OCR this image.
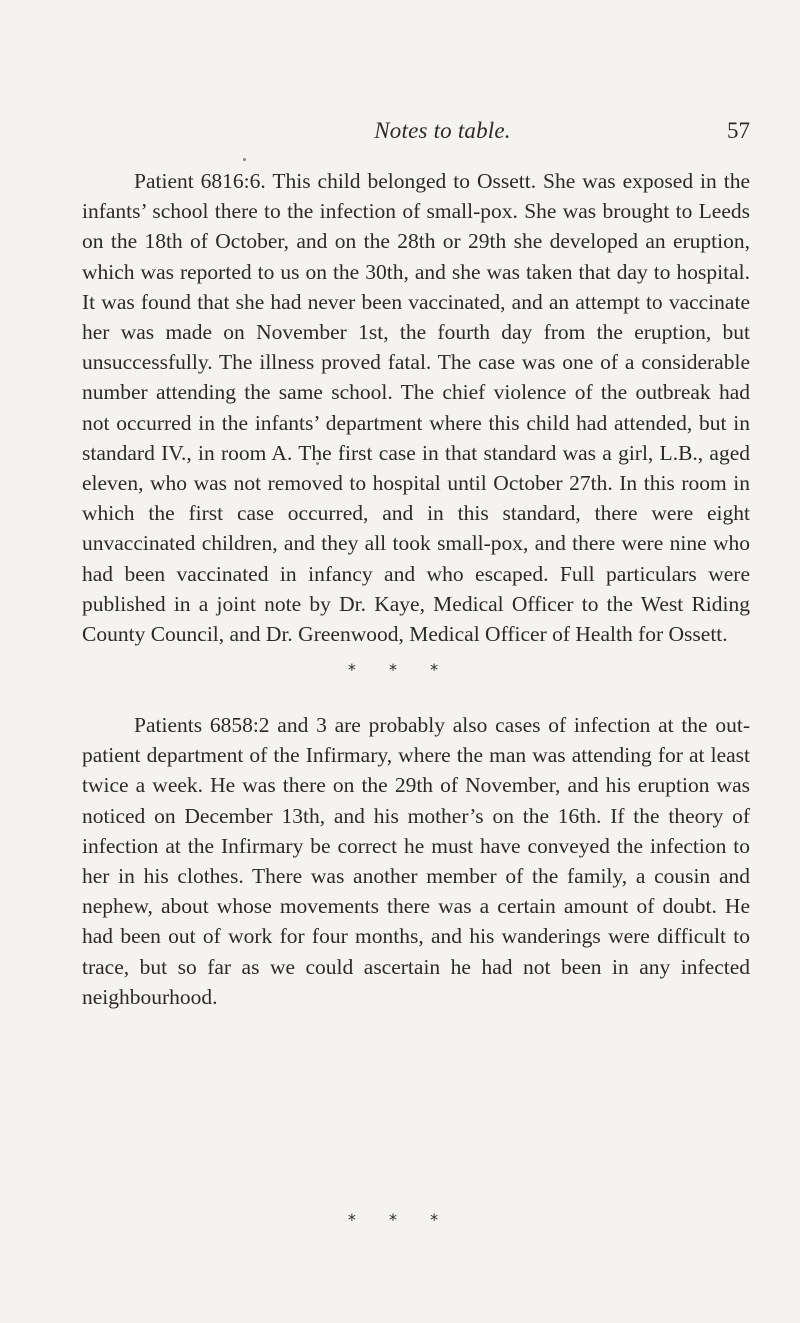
Notes to table.	57

Patient 6816:6. This child belonged to Ossett. She was exposed in the infants’ school there to the infection of small-pox. She was brought to Leeds on the 18th of October, and on the 28th or 29th she developed an eruption, which was reported to us on the 30th, and she was taken that day to hospital. It was found that she had never been vaccinated, and an attempt to vaccinate her was made on November 1st, the fourth day from the eruption, but unsuccessfully. The illness proved fatal. The case was one of a considerable number attending the same school. The chief violence of the outbreak had not occurred in the infants’ department where this child had attended, but in standard IV., in room A. The first case in that standard was a girl, L.B., aged eleven, who was not removed to hospital until October 27th. In this room in which the first case occurred, and in this standard, there were eight unvaccinated children, and they all took small-pox, and there were nine who had been vaccinated in infancy and who escaped. Full particulars were published in a joint note by Dr. Kaye, Medical Officer to the West Riding County Council, and Dr. Greenwood, Medical Officer of Health for Ossett.

* * *

Patients 6858:2 and 3 are probably also cases of infection at the out-patient department of the Infirmary, where the man was attending for at least twice a week. He was there on the 29th of November, and his eruption was noticed on December 13th, and his mother’s on the 16th. If the theory of infection at the Infirmary be correct he must have conveyed the infection to her in his clothes. There was another member of the family, a cousin and nephew, about whose movements there was a certain amount of doubt. He had been out of work for four months, and his wanderings were difficult to trace, but so far as we could ascertain he had not been in any infected neighbourhood.

* * *
